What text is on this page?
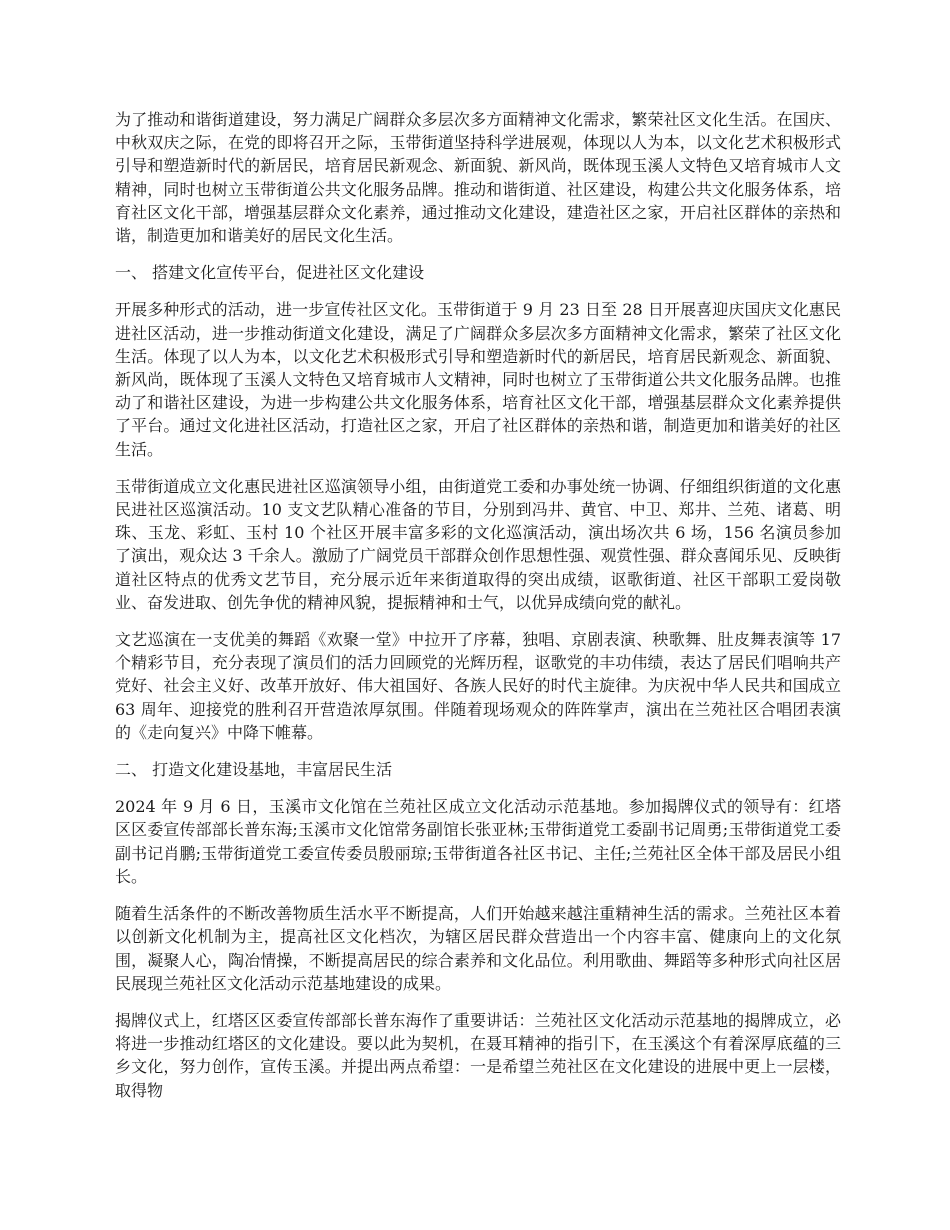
为了推动和谐街道建设，努力满足广阔群众多层次多方面精神文化需求，繁荣社区文化生活。在国庆、中秋双庆之际，在党的即将召开之际，玉带街道坚持科学进展观，体现以人为本，以文化艺术积极形式引导和塑造新时代的新居民，培育居民新观念、新面貌、新风尚，既体现玉溪人文特色又培育城市人文精神，同时也树立玉带街道公共文化服务品牌。推动和谐街道、社区建设，构建公共文化服务体系，培育社区文化干部，增强基层群众文化素养，通过推动文化建设，建造社区之家，开启社区群体的亲热和谐，制造更加和谐美好的居民文化生活。

一、 搭建文化宣传平台，促进社区文化建设

开展多种形式的活动，进一步宣传社区文化。玉带街道于 9 月 23 日至 28 日开展喜迎庆国庆文化惠民进社区活动，进一步推动街道文化建设，满足了广阔群众多层次多方面精神文化需求，繁荣了社区文化生活。体现了以人为本，以文化艺术积极形式引导和塑造新时代的新居民，培育居民新观念、新面貌、新风尚，既体现了玉溪人文特色又培育城市人文精神，同时也树立了玉带街道公共文化服务品牌。也推动了和谐社区建设，为进一步构建公共文化服务体系，培育社区文化干部，增强基层群众文化素养提供了平台。通过文化进社区活动，打造社区之家，开启了社区群体的亲热和谐，制造更加和谐美好的社区生活。

玉带街道成立文化惠民进社区巡演领导小组，由街道党工委和办事处统一协调、仔细组织街道的文化惠民进社区巡演活动。10 支文艺队精心准备的节目，分别到冯井、黄官、中卫、郑井、兰苑、诸葛、明珠、玉龙、彩虹、玉村 10 个社区开展丰富多彩的文化巡演活动，演出场次共 6 场，156 名演员参加了演出，观众达 3 千余人。激励了广阔党员干部群众创作思想性强、观赏性强、群众喜闻乐见、反映街道社区特点的优秀文艺节目，充分展示近年来街道取得的突出成绩，讴歌街道、社区干部职工爱岗敬业、奋发进取、创先争优的精神风貌，提振精神和士气，以优异成绩向党的献礼。

文艺巡演在一支优美的舞蹈《欢聚一堂》中拉开了序幕，独唱、京剧表演、秧歌舞、肚皮舞表演等 17 个精彩节目，充分表现了演员们的活力回顾党的光辉历程，讴歌党的丰功伟绩，表达了居民们唱响共产党好、社会主义好、改革开放好、伟大祖国好、各族人民好的时代主旋律。为庆祝中华人民共和国成立 63 周年、迎接党的胜利召开营造浓厚氛围。伴随着现场观众的阵阵掌声，演出在兰苑社区合唱团表演的《走向复兴》中降下帷幕。

二、 打造文化建设基地，丰富居民生活

2024 年 9 月 6 日，玉溪市文化馆在兰苑社区成立文化活动示范基地。参加揭牌仪式的领导有：红塔区区委宣传部部长普东海;玉溪市文化馆常务副馆长张亚林;玉带街道党工委副书记周勇;玉带街道党工委副书记肖鹏;玉带街道党工委宣传委员殷丽琼;玉带街道各社区书记、主任;兰苑社区全体干部及居民小组长。

随着生活条件的不断改善物质生活水平不断提高，人们开始越来越注重精神生活的需求。兰苑社区本着以创新文化机制为主，提高社区文化档次，为辖区居民群众营造出一个内容丰富、健康向上的文化氛围，凝聚人心，陶冶情操，不断提高居民的综合素养和文化品位。利用歌曲、舞蹈等多种形式向社区居民展现兰苑社区文化活动示范基地建设的成果。

揭牌仪式上，红塔区区委宣传部部长普东海作了重要讲话：兰苑社区文化活动示范基地的揭牌成立，必将进一步推动红塔区的文化建设。要以此为契机，在聂耳精神的指引下，在玉溪这个有着深厚底蕴的三乡文化，努力创作，宣传玉溪。并提出两点希望：一是希望兰苑社区在文化建设的进展中更上一层楼，取得物
